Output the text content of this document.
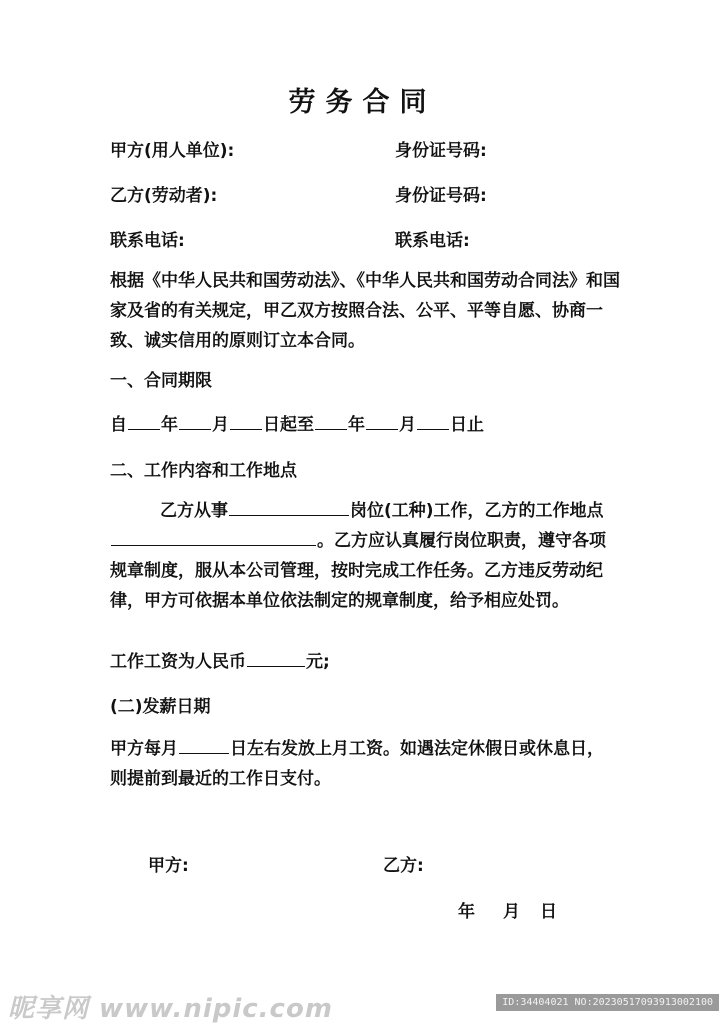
劳务合同
甲方(用人单位):	身份证号码:
乙方(劳动者):	身份证号码:
联系电话:	联系电话:
根据《中华人民共和国劳动法》、《中华人民共和国劳动合同法》和国家及省的有关规定，甲乙双方按照合法、公平、平等自愿、协商一致、诚实信用的原则订立本合同。
一、合同期限
自 年 月 日起至 年 月 日止
二、工作内容和工作地点
乙方从事	岗位(工种)工作，乙方的工作地点。乙方应认真履行岗位职责，遵守各项规章制度，服从本公司管理，按时完成工作任务。乙方违反劳动纪律，甲方可依据本单位依法制定的规章制度，给予相应处罚。
工作工资为人民币	元;
(二)发薪日期
甲方每月	日左右发放上月工资。如遇法定休假日或休息日，则提前到最近的工作日支付。
甲方:	乙方:
年 月 日
昵享网 www.nipic.com	ID:34404021 NO:20230517093913002100
